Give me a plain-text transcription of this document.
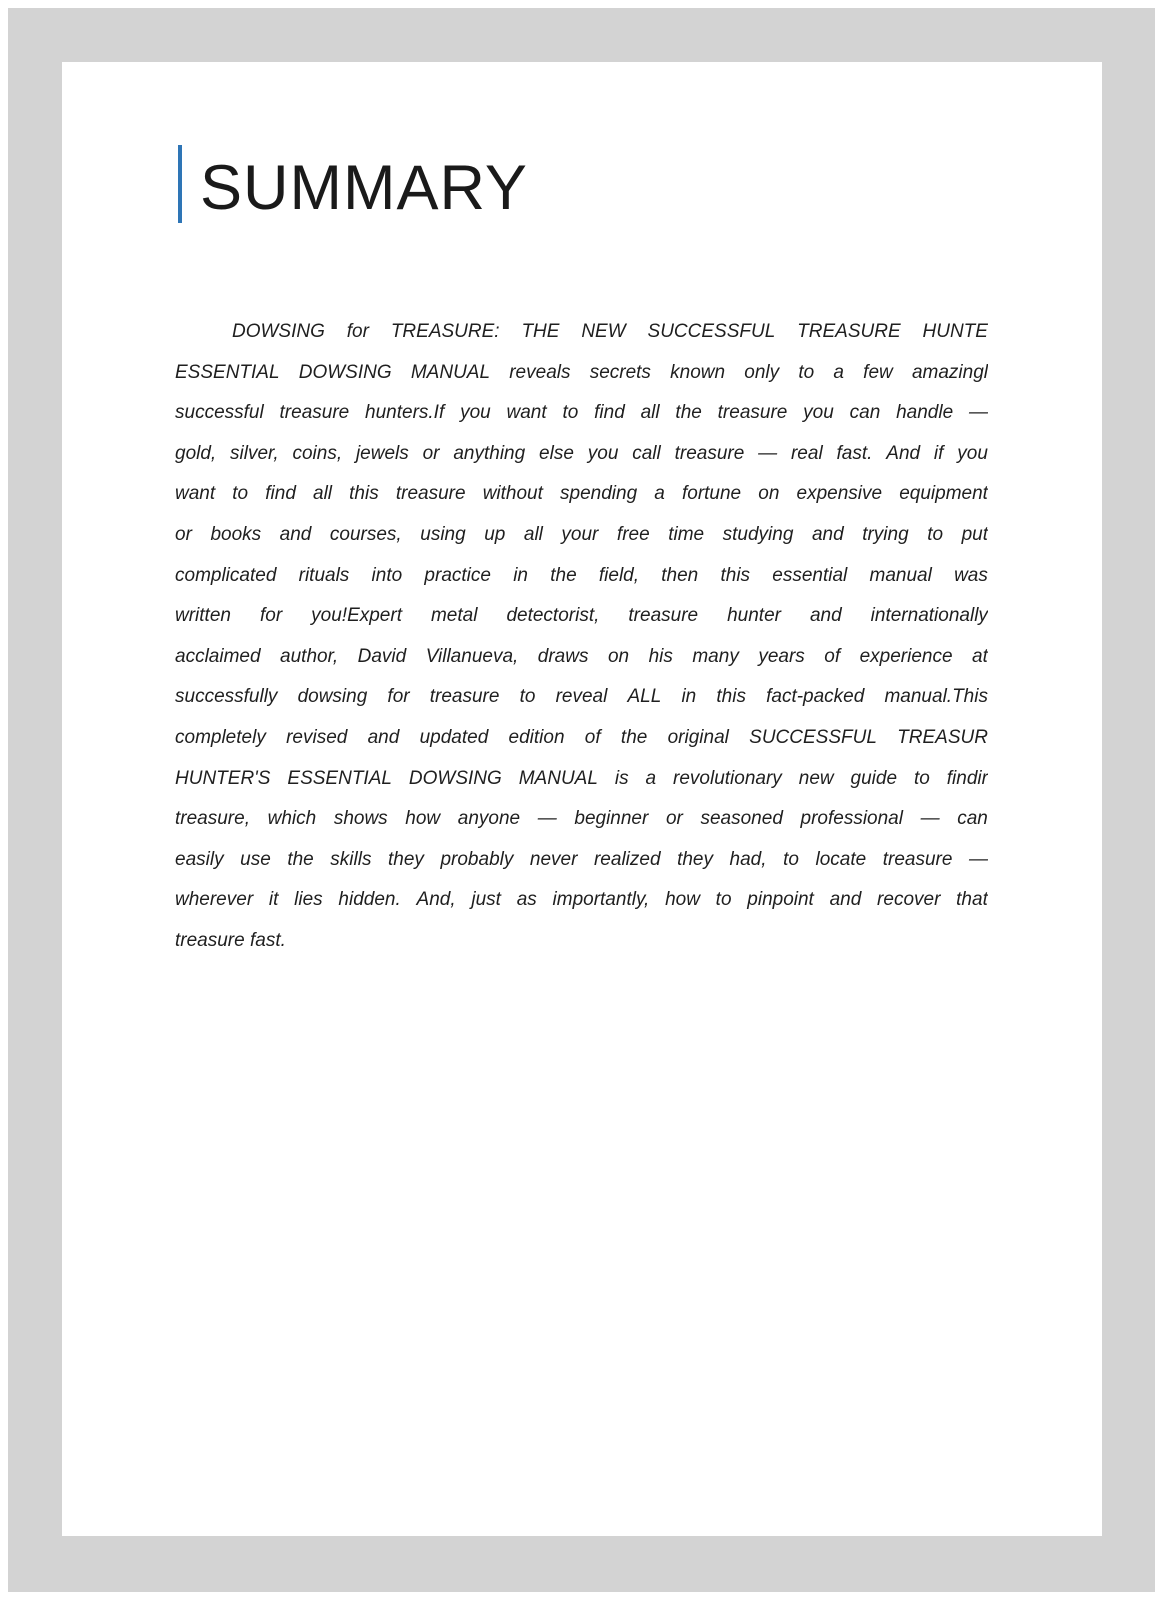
SUMMARY
DOWSING for TREASURE: THE NEW SUCCESSFUL TREASURE HUNTE
ESSENTIAL DOWSING MANUAL reveals secrets known only to a few amazingl
successful treasure hunters.If you want to find all the treasure you can handle —
gold, silver, coins, jewels or anything else you call treasure — real fast. And if you
want to find all this treasure without spending a fortune on expensive equipment
or books and courses, using up all your free time studying and trying to put
complicated rituals into practice in the field, then this essential manual was
written for you!Expert metal detectorist, treasure hunter and internationally
acclaimed author, David Villanueva, draws on his many years of experience at
successfully dowsing for treasure to reveal ALL in this fact-packed manual.This
completely revised and updated edition of the original SUCCESSFUL TREASUR
HUNTER'S ESSENTIAL DOWSING MANUAL is a revolutionary new guide to findir
treasure, which shows how anyone — beginner or seasoned professional — can
easily use the skills they probably never realized they had, to locate treasure —
wherever it lies hidden. And, just as importantly, how to pinpoint and recover that
treasure fast.
